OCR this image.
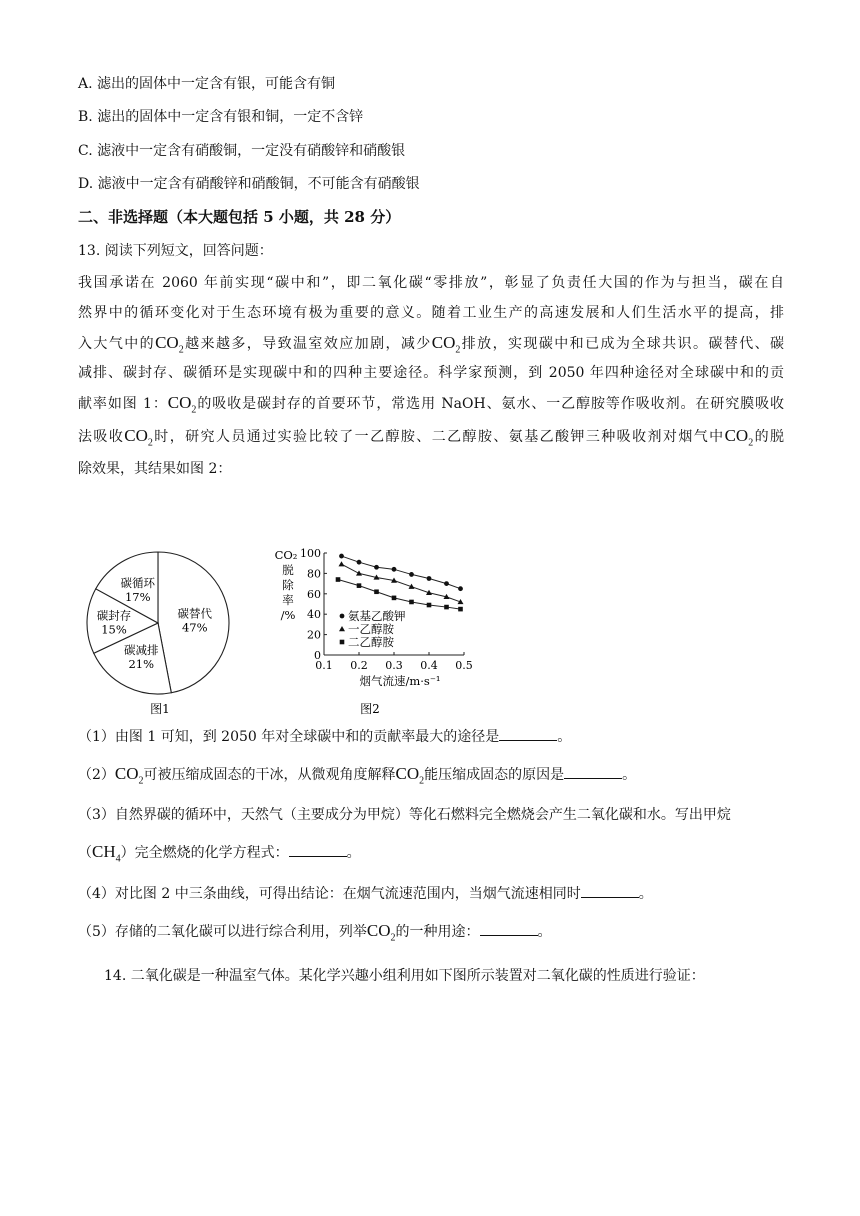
A. 滤出的固体中一定含有银，可能含有铜
B. 滤出的固体中一定含有银和铜，一定不含锌
C. 滤液中一定含有硝酸铜，一定没有硝酸锌和硝酸银
D. 滤液中一定含有硝酸锌和硝酸铜，不可能含有硝酸银
二、非选择题（本大题包括 5 小题，共 28 分）
13. 阅读下列短文，回答问题：
我国承诺在 2060 年前实现“碳中和”，即二氧化碳“零排放”，彰显了负责任大国的作为与担当，碳在自
然界中的循环变化对于生态环境有极为重要的意义。随着工业生产的高速发展和人们生活水平的提高，排
入大气中的$CO_2$越来越多，导致温室效应加剧，减少$CO_2$排放，实现碳中和已成为全球共识。碳替代、碳
减排、碳封存、碳循环是实现碳中和的四种主要途径。科学家预测，到 2050 年四种途径对全球碳中和的贡
献率如图 1：$CO_2$的吸收是碳封存的首要环节，常选用 NaOH、氨水、一乙醇胺等作吸收剂。在研究膜吸收
法吸收$CO_2$时，研究人员通过实验比较了一乙醇胺、二乙醇胺、氨基乙酸钾三种吸收剂对烟气中$CO_2$的脱
除效果，其结果如图 2：
碳替代
47%
碳减排
21%
碳封存
15%
碳循环
17%
图1
0
20
40
60
80
100
0.1 0.2 0.3 0.4 0.5
烟气流速/m·s⁻¹
CO₂
脱
除
率
/%	氨基乙酸钾
一乙醇胺
二乙醇胺
图2
（1）由图 1 可知，到 2050 年对全球碳中和的贡献率最大的途径是	。
$(2)CO_2$可被压缩成固态的干冰，从微观角度解释$CO_2$能压缩成固态的原因是	。
（3）自然界碳的循环中，天然气（主要成分为甲烷）等化石燃料完全燃烧会产生二氧化碳和水。写出甲烷
$(CH_4)$完全燃烧的化学方程式：	。
（4）对比图 2 中三条曲线，可得出结论：在烟气流速范围内，当烟气流速相同时	。
（5）存储的二氧化碳可以进行综合利用，列举$CO_2$的一种用途：	。
14. 二氧化碳是一种温室气体。某化学兴趣小组利用如下图所示装置对二氧化碳的性质进行验证：
